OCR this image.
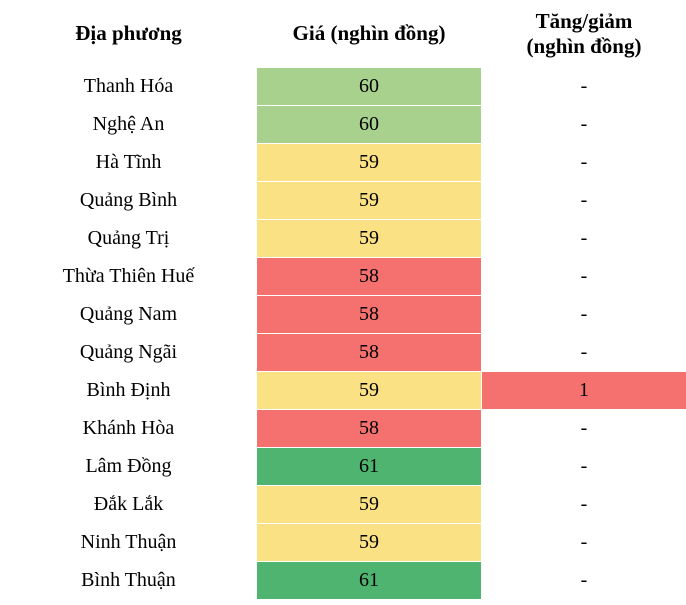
Địa phương	Giá (nghìn đồng)	Tăng/giảm
(nghìn đồng)

Thanh Hóa	60	-
Nghệ An	60	-
Hà Tĩnh	59	-
Quảng Bình	59	-
Quảng Trị	59	-
Thừa Thiên Huế	58	-
Quảng Nam	58	-
Quảng Ngãi	58	-
Bình Định	59	1
Khánh Hòa	58	-
Lâm Đồng	61	-
Đắk Lắk	59	-
Ninh Thuận	59	-
Bình Thuận	61	-
